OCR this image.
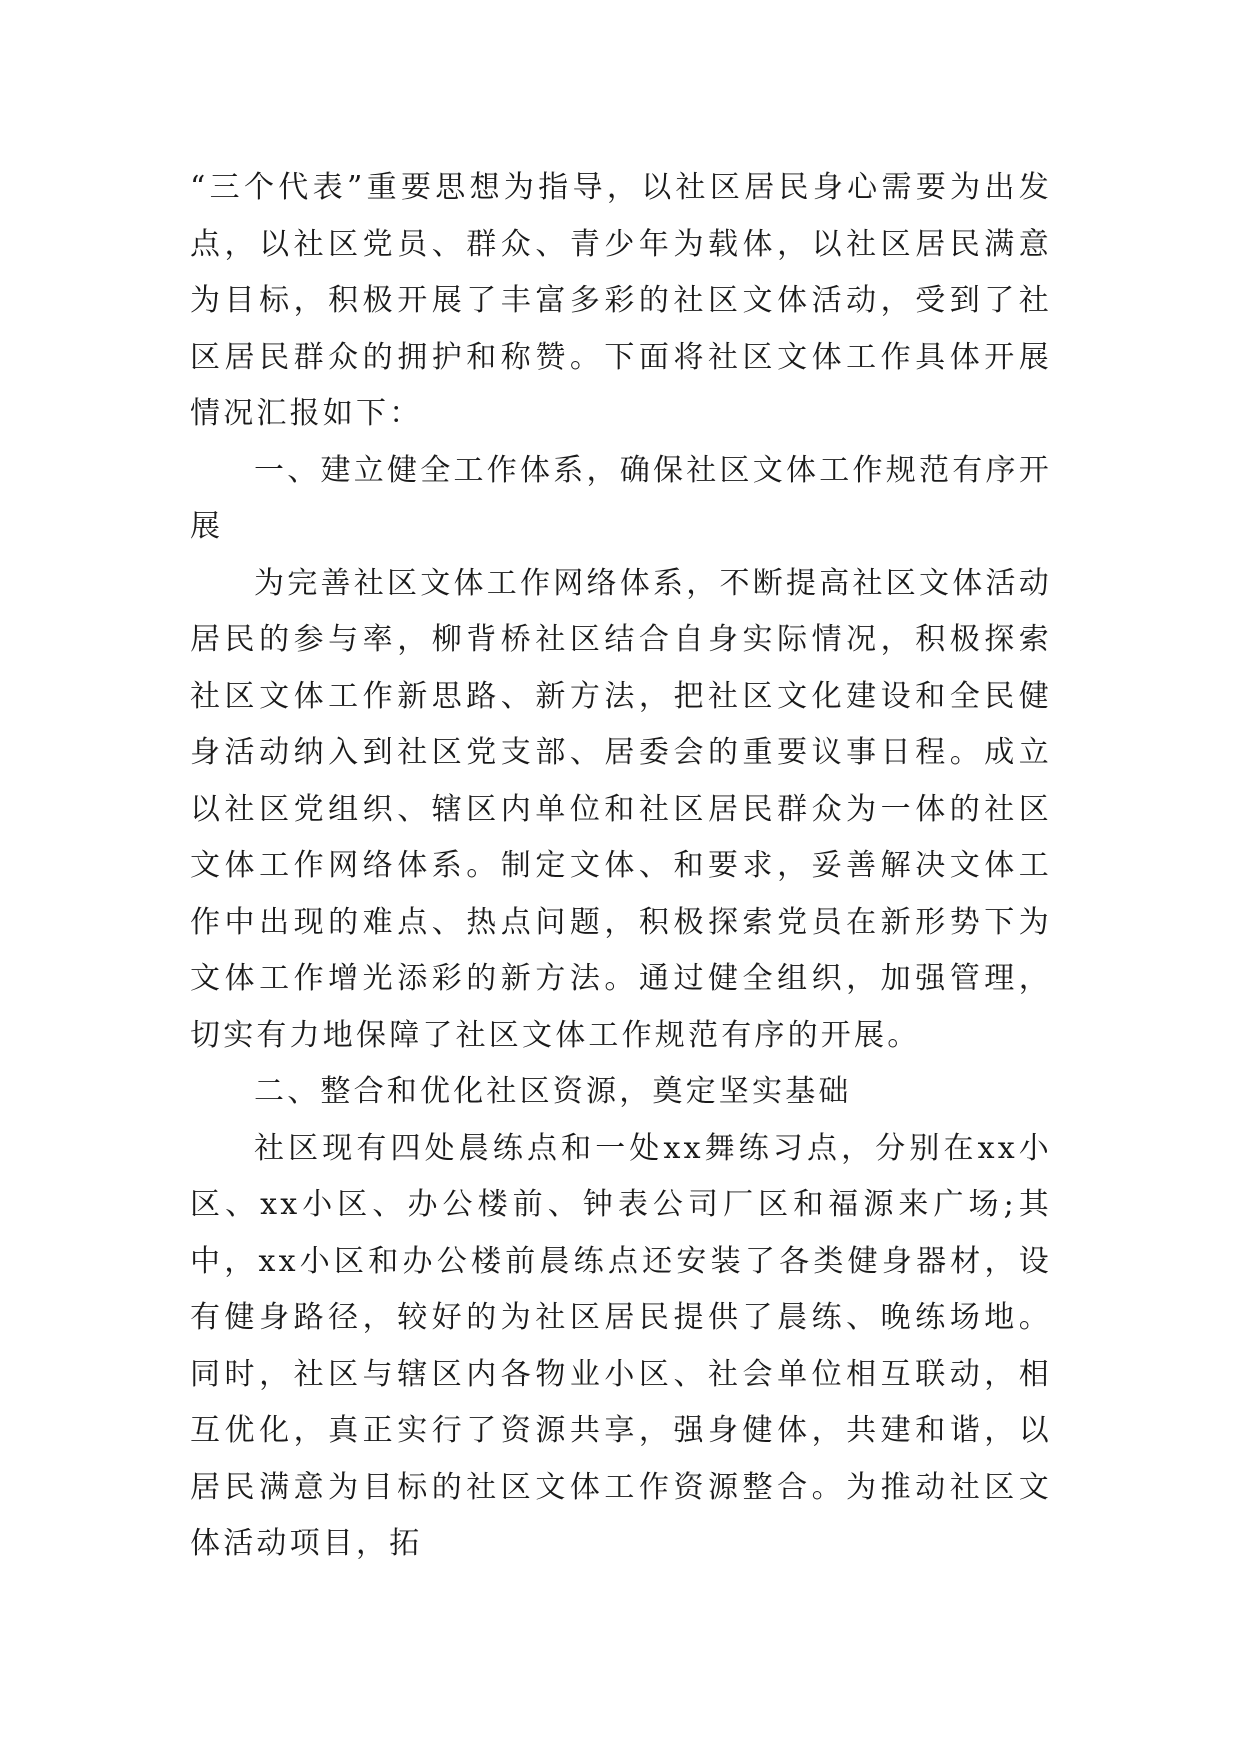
“三个代表”重要思想为指导，以社区居民身心需要为出发点，以社区党员、群众、青少年为载体，以社区居民满意为目标，积极开展了丰富多彩的社区文体活动，受到了社区居民群众的拥护和称赞。下面将社区文体工作具体开展情况汇报如下：

一、建立健全工作体系，确保社区文体工作规范有序开展

为完善社区文体工作网络体系，不断提高社区文体活动居民的参与率，柳背桥社区结合自身实际情况，积极探索社区文体工作新思路、新方法，把社区文化建设和全民健身活动纳入到社区党支部、居委会的重要议事日程。成立以社区党组织、辖区内单位和社区居民群众为一体的社区文体工作网络体系。制定文体、和要求，妥善解决文体工作中出现的难点、热点问题，积极探索党员在新形势下为文体工作增光添彩的新方法。通过健全组织，加强管理，切实有力地保障了社区文体工作规范有序的开展。

二、整合和优化社区资源，奠定坚实基础

社区现有四处晨练点和一处xx舞练习点，分别在xx小区、xx小区、办公楼前、钟表公司厂区和福源来广场;其中，xx小区和办公楼前晨练点还安装了各类健身器材，设有健身路径，较好的为社区居民提供了晨练、晚练场地。同时，社区与辖区内各物业小区、社会单位相互联动，相互优化，真正实行了资源共享，强身健体，共建和谐，以居民满意为目标的社区文体工作资源整合。为推动社区文体活动项目，拓
